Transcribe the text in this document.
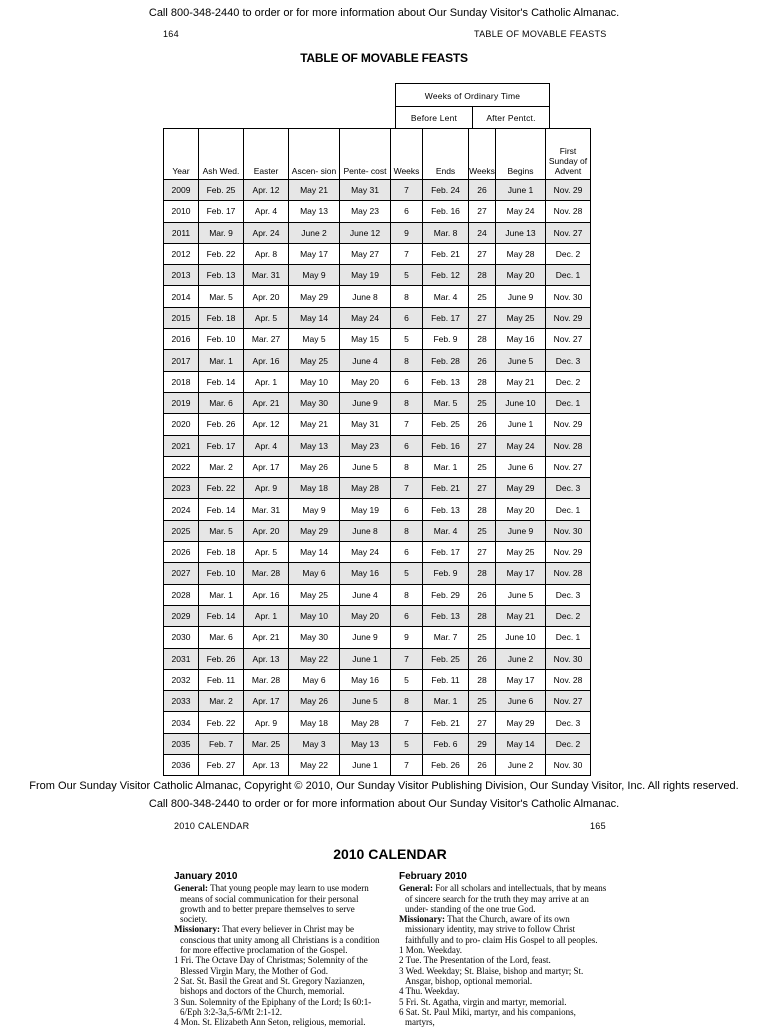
Call 800-348-2440 to order or for more information about Our Sunday Visitor's Catholic Almanac.
164	TABLE OF MOVABLE FEASTS
TABLE OF MOVABLE FEASTS
Weeks of Ordinary Time
Before Lent	After Pentct.
Year	Ash Wed.	Easter	Ascen- sion	Pente- cost	Weeks	Ends	Weeks	Begins	First Sunday of Advent
2009	Feb. 25	Apr. 12	May 21	May 31	7	Feb. 24	26	June 1	Nov. 29
2010	Feb. 17	Apr. 4	May 13	May 23	6	Feb. 16	27	May 24	Nov. 28
2011	Mar. 9	Apr. 24	June 2	June 12	9	Mar. 8	24	June 13	Nov. 27
2012	Feb. 22	Apr. 8	May 17	May 27	7	Feb. 21	27	May 28	Dec. 2
2013	Feb. 13	Mar. 31	May 9	May 19	5	Feb. 12	28	May 20	Dec. 1
2014	Mar. 5	Apr. 20	May 29	June 8	8	Mar. 4	25	June 9	Nov. 30
2015	Feb. 18	Apr. 5	May 14	May 24	6	Feb. 17	27	May 25	Nov. 29
2016	Feb. 10	Mar. 27	May 5	May 15	5	Feb. 9	28	May 16	Nov. 27
2017	Mar. 1	Apr. 16	May 25	June 4	8	Feb. 28	26	June 5	Dec. 3
2018	Feb. 14	Apr. 1	May 10	May 20	6	Feb. 13	28	May 21	Dec. 2
2019	Mar. 6	Apr. 21	May 30	June 9	8	Mar. 5	25	June 10	Dec. 1
2020	Feb. 26	Apr. 12	May 21	May 31	7	Feb. 25	26	June 1	Nov. 29
2021	Feb. 17	Apr. 4	May 13	May 23	6	Feb. 16	27	May 24	Nov. 28
2022	Mar. 2	Apr. 17	May 26	June 5	8	Mar. 1	25	June 6	Nov. 27
2023	Feb. 22	Apr. 9	May 18	May 28	7	Feb. 21	27	May 29	Dec. 3
2024	Feb. 14	Mar. 31	May 9	May 19	6	Feb. 13	28	May 20	Dec. 1
2025	Mar. 5	Apr. 20	May 29	June 8	8	Mar. 4	25	June 9	Nov. 30
2026	Feb. 18	Apr. 5	May 14	May 24	6	Feb. 17	27	May 25	Nov. 29
2027	Feb. 10	Mar. 28	May 6	May 16	5	Feb. 9	28	May 17	Nov. 28
2028	Mar. 1	Apr. 16	May 25	June 4	8	Feb. 29	26	June 5	Dec. 3
2029	Feb. 14	Apr. 1	May 10	May 20	6	Feb. 13	28	May 21	Dec. 2
2030	Mar. 6	Apr. 21	May 30	June 9	9	Mar. 7	25	June 10	Dec. 1
2031	Feb. 26	Apr. 13	May 22	June 1	7	Feb. 25	26	June 2	Nov. 30
2032	Feb. 11	Mar. 28	May 6	May 16	5	Feb. 11	28	May 17	Nov. 28
2033	Mar. 2	Apr. 17	May 26	June 5	8	Mar. 1	25	June 6	Nov. 27
2034	Feb. 22	Apr. 9	May 18	May 28	7	Feb. 21	27	May 29	Dec. 3
2035	Feb. 7	Mar. 25	May 3	May 13	5	Feb. 6	29	May 14	Dec. 2
2036	Feb. 27	Apr. 13	May 22	June 1	7	Feb. 26	26	June 2	Nov. 30
From Our Sunday Visitor Catholic Almanac, Copyright © 2010, Our Sunday Visitor Publishing Division, Our Sunday Visitor, Inc. All rights reserved.
Call 800-348-2440 to order or for more information about Our Sunday Visitor's Catholic Almanac.
2010 CALENDAR	165
2010 CALENDAR
January 2010
General: That young people may learn to use modern means of social communication for their personal growth and to better prepare themselves to serve society.
Missionary: That every believer in Christ may be conscious that unity among all Christians is a condition for more effective proclamation of the Gospel.
1 Fri. The Octave Day of Christmas; Solemnity of the Blessed Virgin Mary, the Mother of God.
2 Sat. St. Basil the Great and St. Gregory Nazianzen, bishops and doctors of the Church, memorial.
3 Sun. Solemnity of the Epiphany of the Lord; Is 60:1-6/Eph 3:2-3a,5-6/Mt 2:1-12.
4 Mon. St. Elizabeth Ann Seton, religious, memorial.
February 2010
General: For all scholars and intellectuals, that by means of sincere search for the truth they may arrive at an under- standing of the one true God.
Missionary: That the Church, aware of its own missionary identity, may strive to follow Christ faithfully and to pro- claim His Gospel to all peoples.
1 Mon. Weekday.
2 Tue. The Presentation of the Lord, feast.
3 Wed. Weekday; St. Blaise, bishop and martyr; St. Ansgar, bishop, optional memorial.
4 Thu. Weekday.
5 Fri. St. Agatha, virgin and martyr, memorial.
6 Sat. St. Paul Miki, martyr, and his companions, martyrs,
